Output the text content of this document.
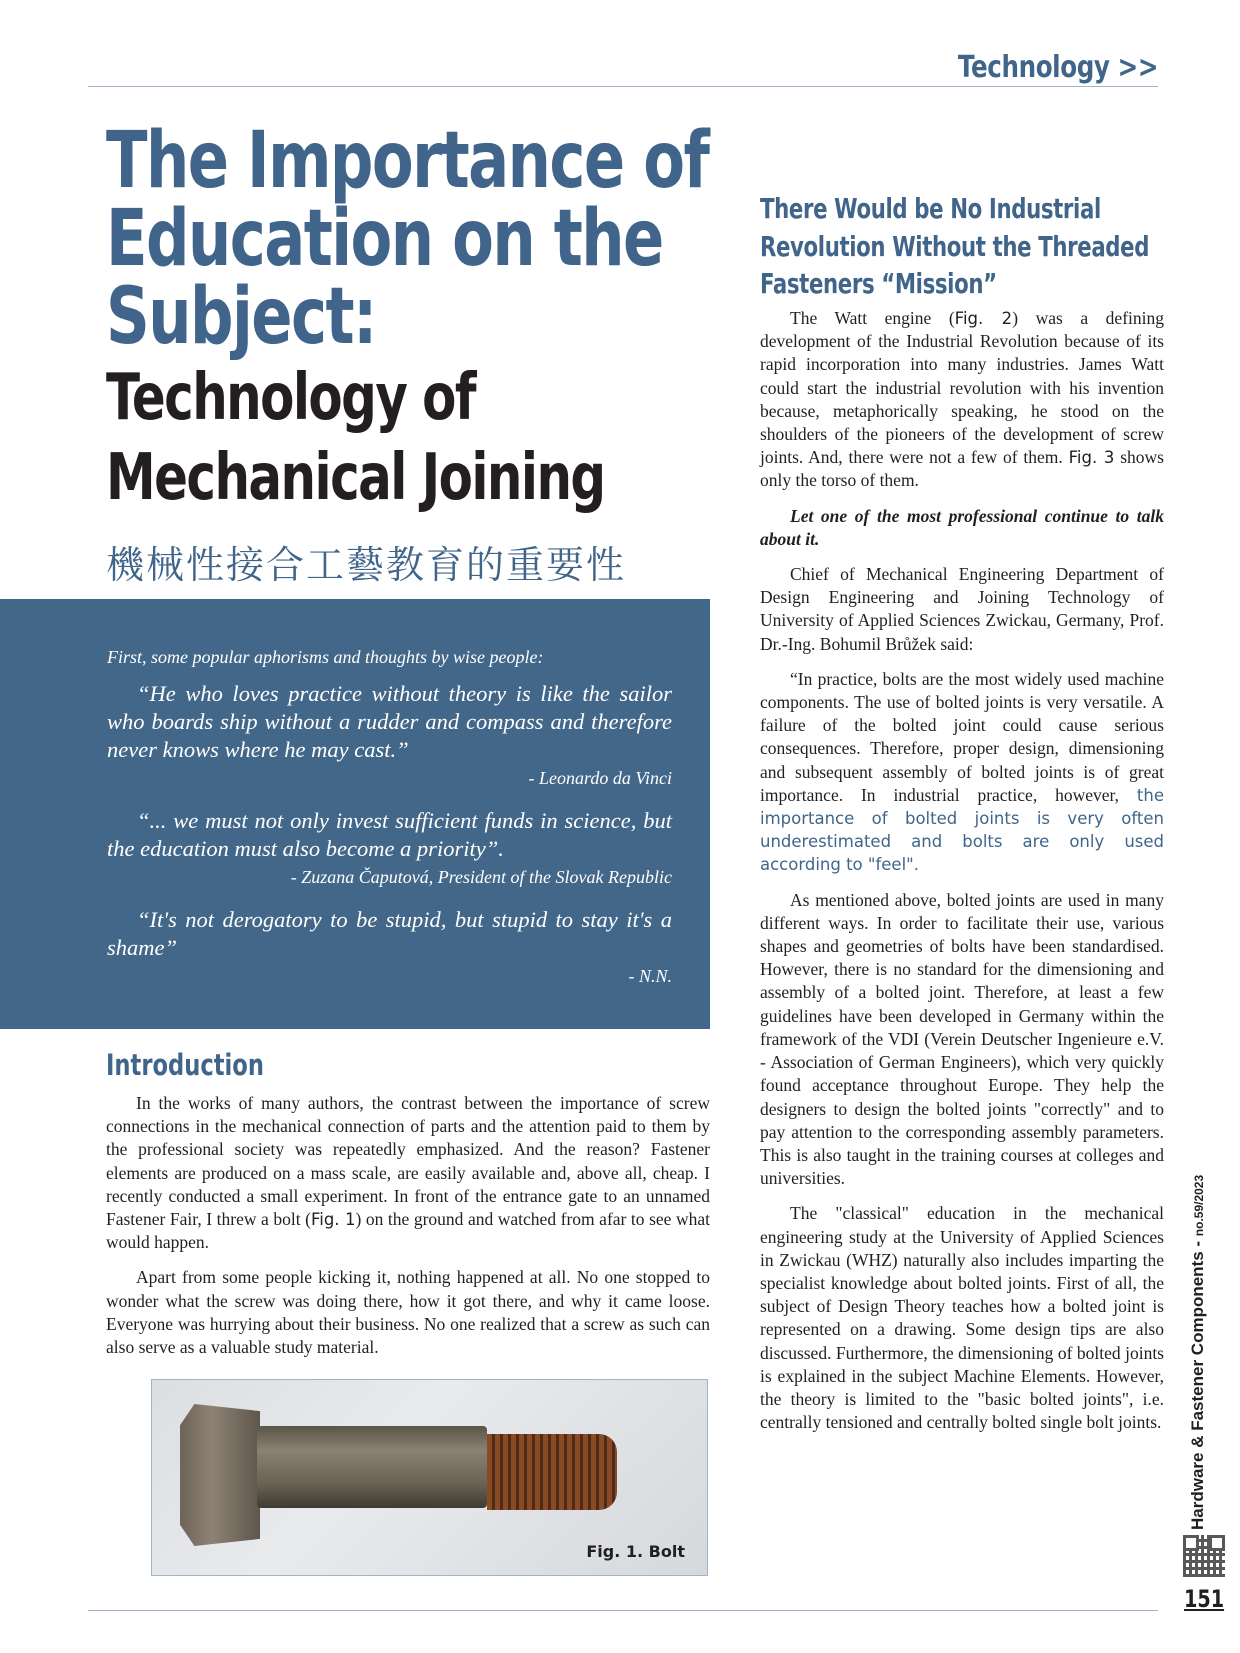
Technology >>
The Importance of
Education on the
Subject:
Technology of
Mechanical Joining
機械性接合工藝教育的重要性
First, some popular aphorisms and thoughts by wise people:
“He who loves practice without theory is like the sailor who boards ship without a rudder and compass and therefore never knows where he may cast.”
- Leonardo da Vinci
“... we must not only invest sufficient funds in science, but the education must also become a priority”.
- Zuzana Čaputová, President of the Slovak Republic
“It's not derogatory to be stupid, but stupid to stay it's a shame”
- N.N.
Introduction

In the works of many authors, the contrast between the importance of screw connections in the mechanical connection of parts and the attention paid to them by the professional society was repeatedly emphasized. And the reason? Fastener elements are produced on a mass scale, are easily available and, above all, cheap. I recently conducted a small experiment. In front of the entrance gate to an unnamed Fastener Fair, I threw a bolt (Fig. 1) on the ground and watched from afar to see what would happen.

Apart from some people kicking it, nothing happened at all. No one stopped to wonder what the screw was doing there, how it got there, and why it came loose. Everyone was hurrying about their business. No one realized that a screw as such can also serve as a valuable study material.

Fig. 1. Bolt
There Would be No Industrial Revolution Without the Threaded Fasteners “Mission”

The Watt engine (Fig. 2) was a defining development of the Industrial Revolution because of its rapid incorporation into many industries. James Watt could start the industrial revolution with his invention because, metaphorically speaking, he stood on the shoulders of the pioneers of the development of screw joints. And, there were not a few of them. Fig. 3 shows only the torso of them.

Let one of the most professional continue to talk about it.

Chief of Mechanical Engineering Department of Design Engineering and Joining Technology of University of Applied Sciences Zwickau, Germany, Prof. Dr.-Ing. Bohumil Brůžek said:

“In practice, bolts are the most widely used machine components. The use of bolted joints is very versatile. A failure of the bolted joint could cause serious consequences. Therefore, proper design, dimensioning and subsequent assembly of bolted joints is of great importance. In industrial practice, however, the importance of bolted joints is very often underestimated and bolts are only used according to "feel".

As mentioned above, bolted joints are used in many different ways. In order to facilitate their use, various shapes and geometries of bolts have been standardised. However, there is no standard for the dimensioning and assembly of a bolted joint. Therefore, at least a few guidelines have been developed in Germany within the framework of the VDI (Verein Deutscher Ingenieure e.V. - Association of German Engineers), which very quickly found acceptance throughout Europe. They help the designers to design the bolted joints "correctly" and to pay attention to the corresponding assembly parameters. This is also taught in the training courses at colleges and universities.

The "classical" education in the mechanical engineering study at the University of Applied Sciences in Zwickau (WHZ) naturally also includes imparting the specialist knowledge about bolted joints. First of all, the subject of Design Theory teaches how a bolted joint is represented on a drawing. Some design tips are also discussed. Furthermore, the dimensioning of bolted joints is explained in the subject Machine Elements. However, the theory is limited to the "basic bolted joints", i.e. centrally tensioned and centrally bolted single bolt joints. Hardware & Fastener Components - no.59/2023
151
